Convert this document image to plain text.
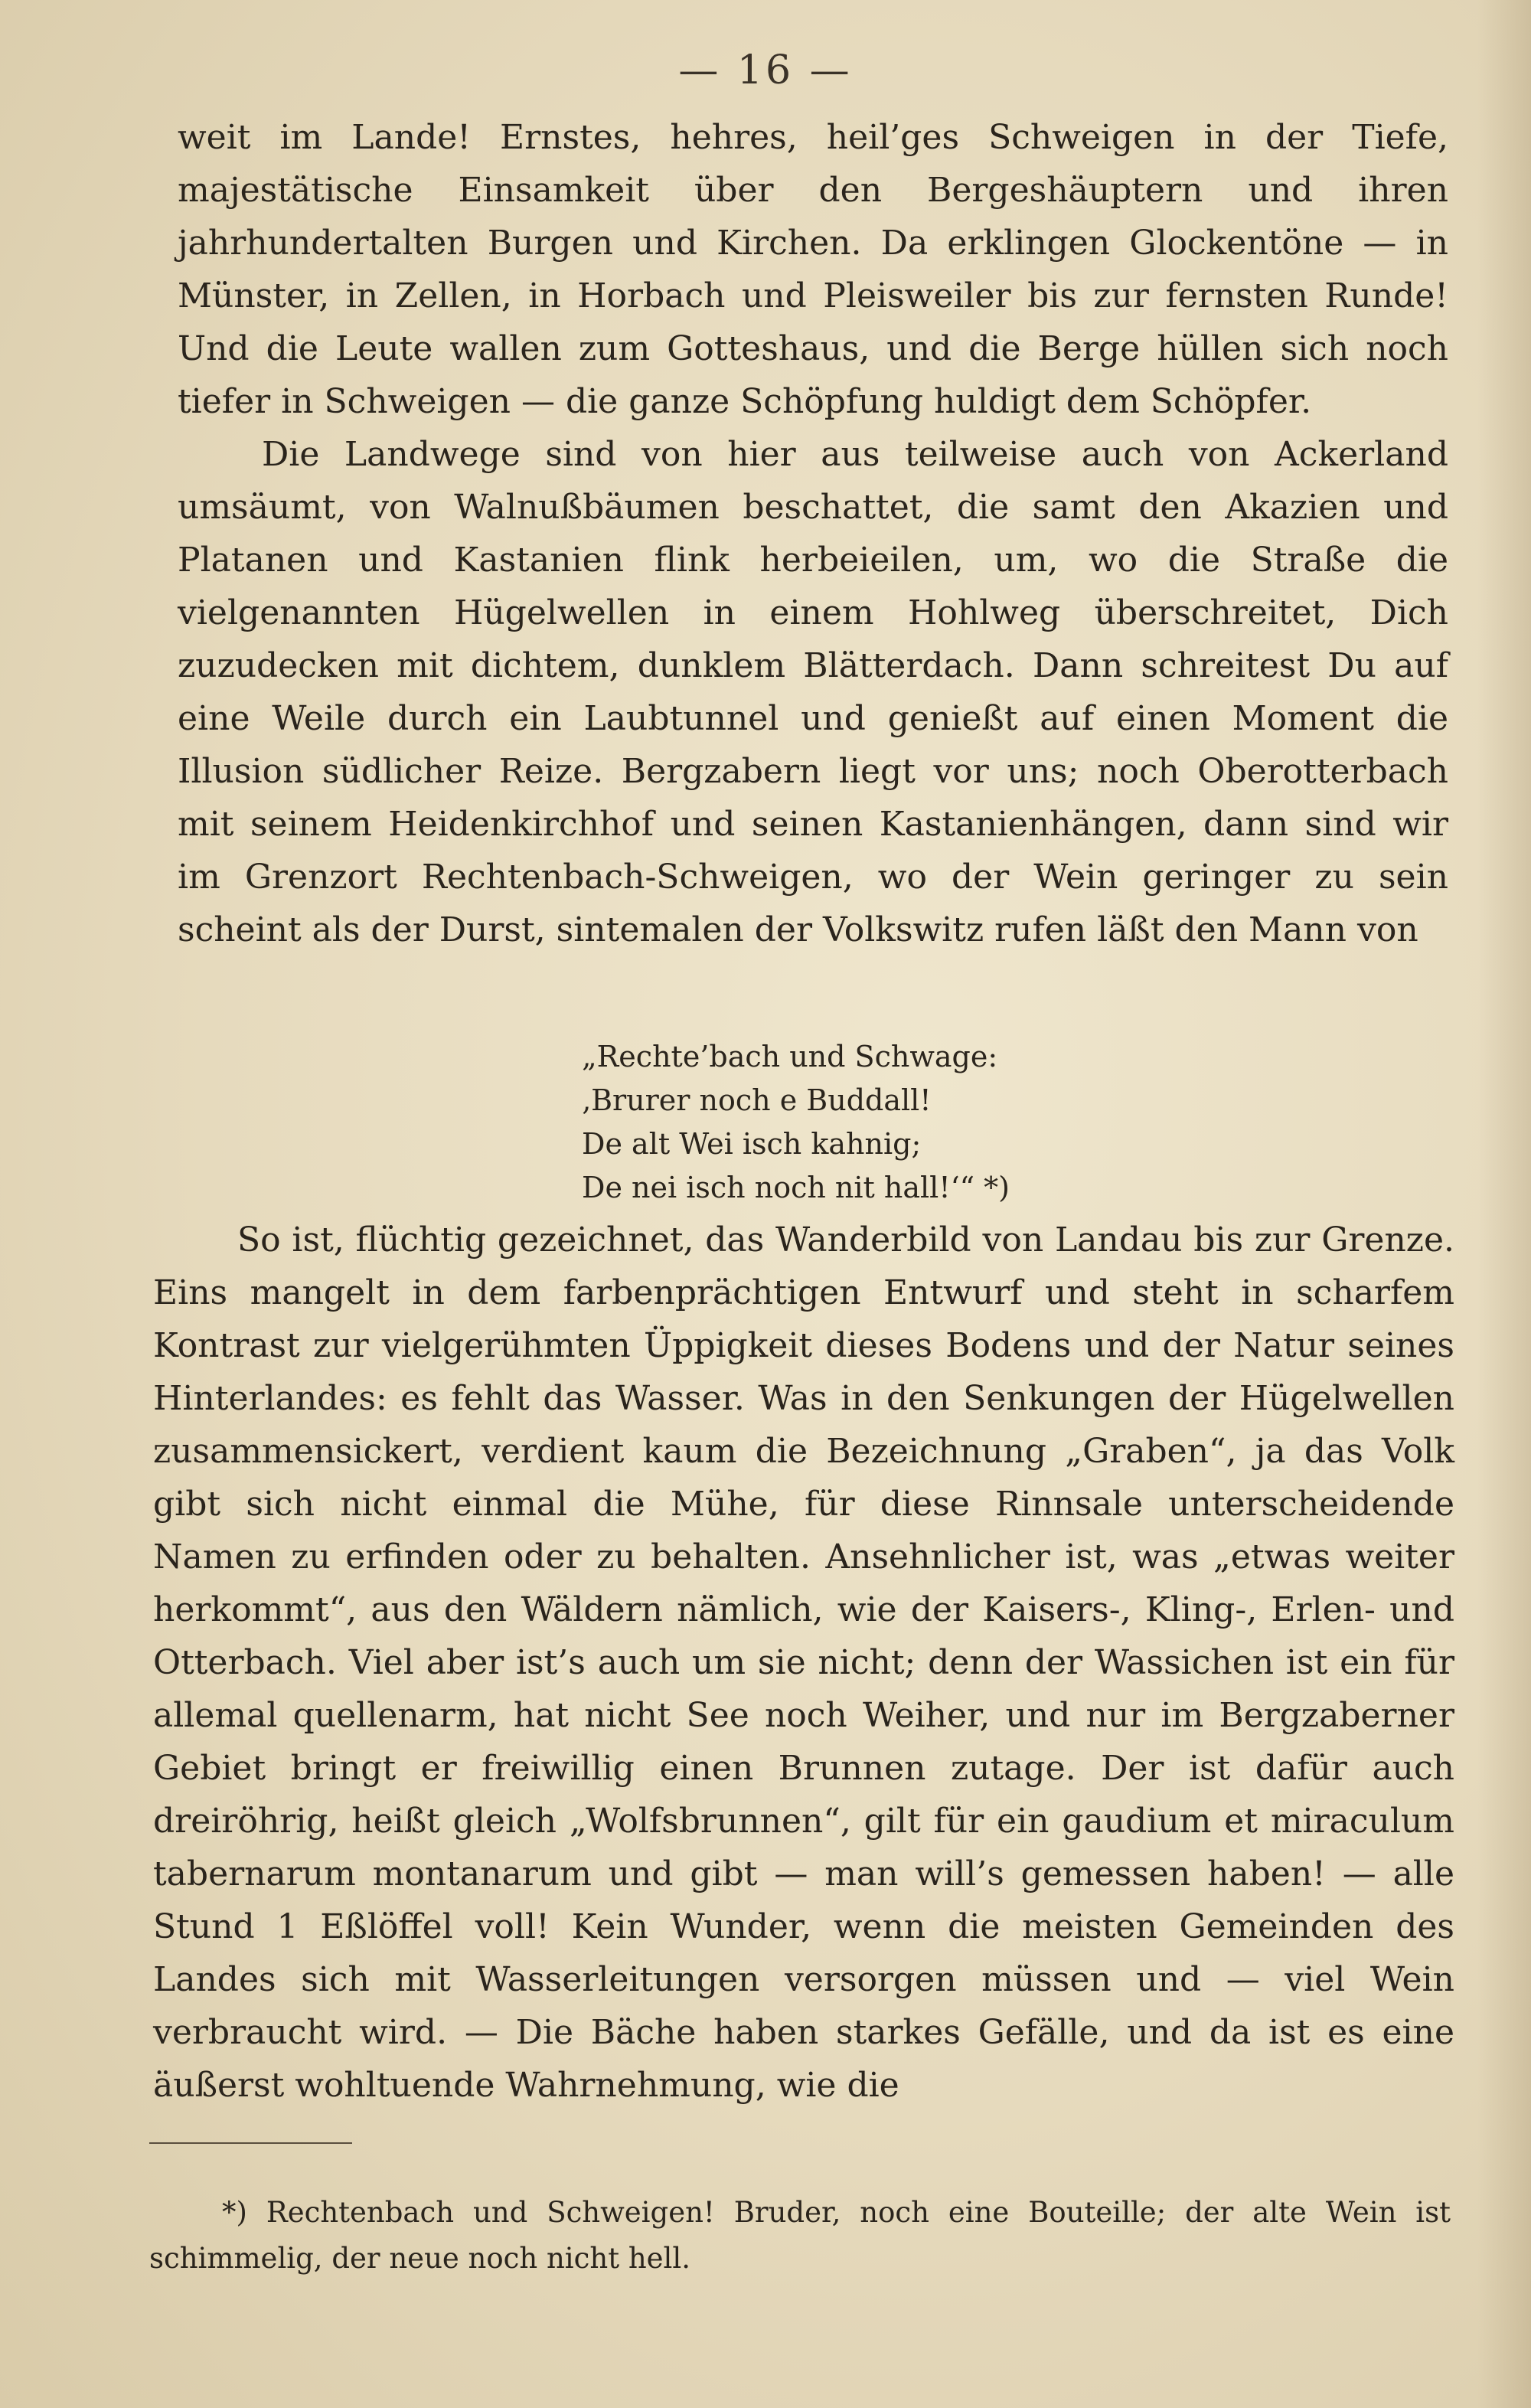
— 16 —

weit im Lande! Ernstes, hehres, heil’ges Schweigen in der Tiefe, majestätische Einsamkeit über den Bergeshäuptern und ihren jahrhundertalten Burgen und Kirchen. Da erklingen Glockentöne — in Münster, in Zellen, in Horbach und Pleisweiler bis zur fernsten Runde! Und die Leute wallen zum Gotteshaus, und die Berge hüllen sich noch tiefer in Schweigen — die ganze Schöpfung huldigt dem Schöpfer.

Die Landwege sind von hier aus teilweise auch von Ackerland umsäumt, von Walnußbäumen beschattet, die samt den Akazien und Platanen und Kastanien flink herbeieilen, um, wo die Straße die vielgenannten Hügelwellen in einem Hohlweg überschreitet, Dich zuzudecken mit dichtem, dunklem Blätterdach. Dann schreitest Du auf eine Weile durch ein Laubtunnel und genießt auf einen Moment die Illusion südlicher Reize. Bergzabern liegt vor uns; noch Oberotterbach mit seinem Heidenkirchhof und seinen Kastanienhängen, dann sind wir im Grenzort Rechtenbach-Schweigen, wo der Wein geringer zu sein scheint als der Durst, sintemalen der Volkswitz rufen läßt den Mann von

„Rechte’bach und Schwage:
‚Brurer noch e Buddall!
De alt Wei isch kahnig;
De nei isch noch nit hall!‘“ *)

So ist, flüchtig gezeichnet, das Wanderbild von Landau bis zur Grenze. Eins mangelt in dem farbenprächtigen Entwurf und steht in scharfem Kontrast zur vielgerühmten Üppigkeit dieses Bodens und der Natur seines Hinterlandes: es fehlt das Wasser. Was in den Senkungen der Hügelwellen zusammensickert, verdient kaum die Bezeichnung „Graben“, ja das Volk gibt sich nicht einmal die Mühe, für diese Rinnsale unterscheidende Namen zu erfinden oder zu behalten. Ansehnlicher ist, was „etwas weiter herkommt“, aus den Wäldern nämlich, wie der Kaisers-, Kling-, Erlen- und Otterbach. Viel aber ist’s auch um sie nicht; denn der Wassichen ist ein für allemal quellenarm, hat nicht See noch Weiher, und nur im Bergzaberner Gebiet bringt er freiwillig einen Brunnen zutage. Der ist dafür auch dreiröhrig, heißt gleich „Wolfsbrunnen“, gilt für ein gaudium et miraculum tabernarum montanarum und gibt — man will’s gemessen haben! — alle Stund 1 Eßlöffel voll! Kein Wunder, wenn die meisten Gemeinden des Landes sich mit Wasserleitungen versorgen müssen und — viel Wein verbraucht wird. — Die Bäche haben starkes Gefälle, und da ist es eine äußerst wohltuende Wahrnehmung, wie die

*) Rechtenbach und Schweigen! Bruder, noch eine Bouteille; der alte Wein ist schimmelig, der neue noch nicht hell.
